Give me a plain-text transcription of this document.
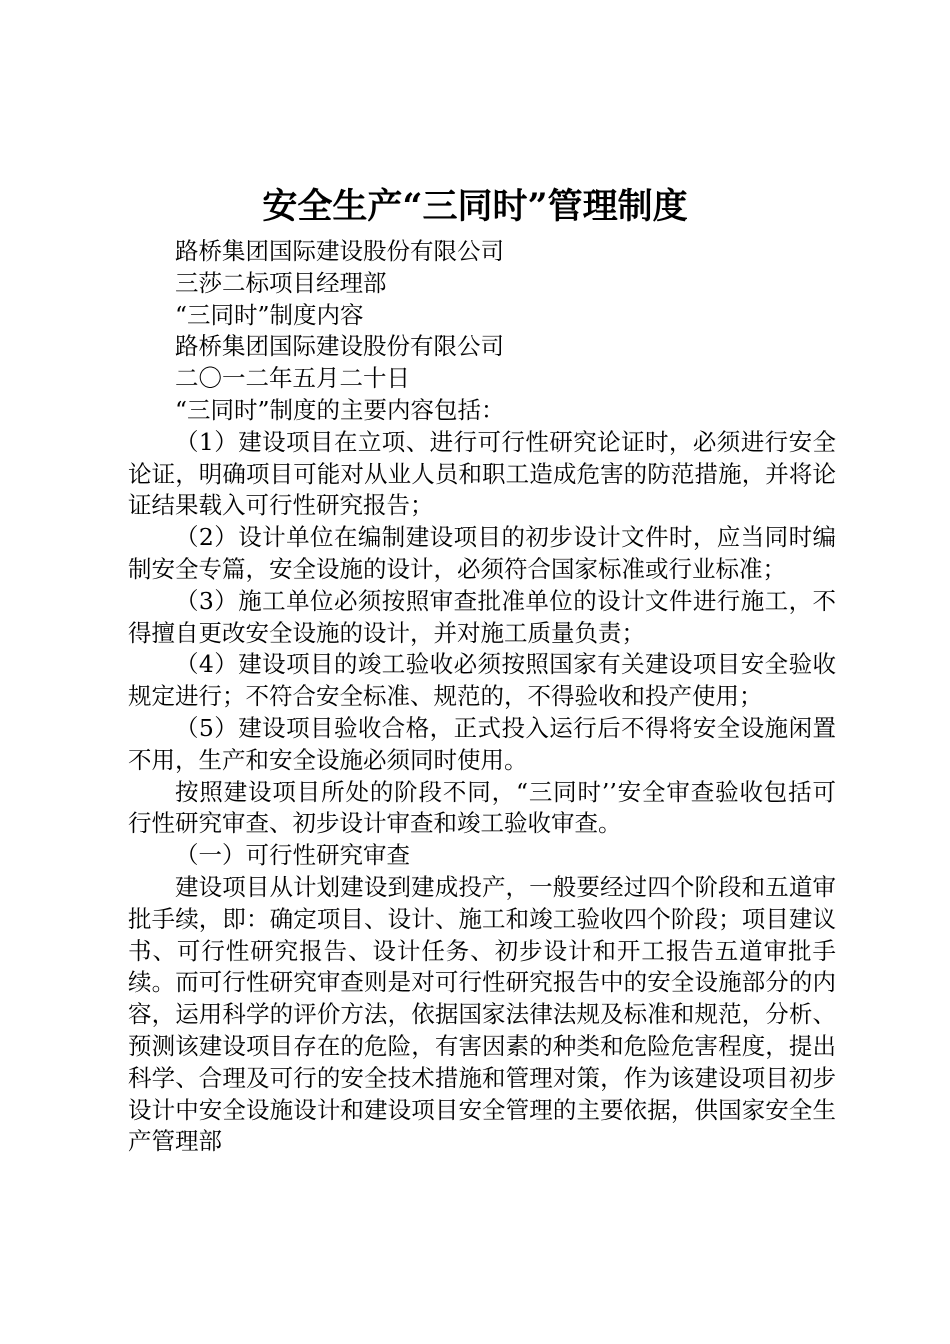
安全生产“三同时”管理制度

路桥集团国际建设股份有限公司

三莎二标项目经理部

“三同时”制度内容

路桥集团国际建设股份有限公司

二〇一二年五月二十日

“三同时”制度的主要内容包括：

（1）建设项目在立项、进行可行性研究论证时，必须进行安全论证，明确项目可能对从业人员和职工造成危害的防范措施，并将论证结果载入可行性研究报告；

（2）设计单位在编制建设项目的初步设计文件时，应当同时编制安全专篇，安全设施的设计，必须符合国家标准或行业标准；

（3）施工单位必须按照审查批准单位的设计文件进行施工，不得擅自更改安全设施的设计，并对施工质量负责；

（4）建设项目的竣工验收必须按照国家有关建设项目安全验收规定进行；不符合安全标准、规范的，不得验收和投产使用；

（5）建设项目验收合格，正式投入运行后不得将安全设施闲置不用，生产和安全设施必须同时使用。

按照建设项目所处的阶段不同，“三同时’’安全审查验收包括可行性研究审查、初步设计审查和竣工验收审查。

（一）可行性研究审查

建设项目从计划建设到建成投产，一般要经过四个阶段和五道审批手续，即：确定项目、设计、施工和竣工验收四个阶段；项目建议书、可行性研究报告、设计任务、初步设计和开工报告五道审批手续。而可行性研究审查则是对可行性研究报告中的安全设施部分的内容，运用科学的评价方法，依据国家法律法规及标准和规范，分析、预测该建设项目存在的危险，有害因素的种类和危险危害程度，提出科学、合理及可行的安全技术措施和管理对策，作为该建设项目初步设计中安全设施设计和建设项目安全管理的主要依据，供国家安全生产管理部
